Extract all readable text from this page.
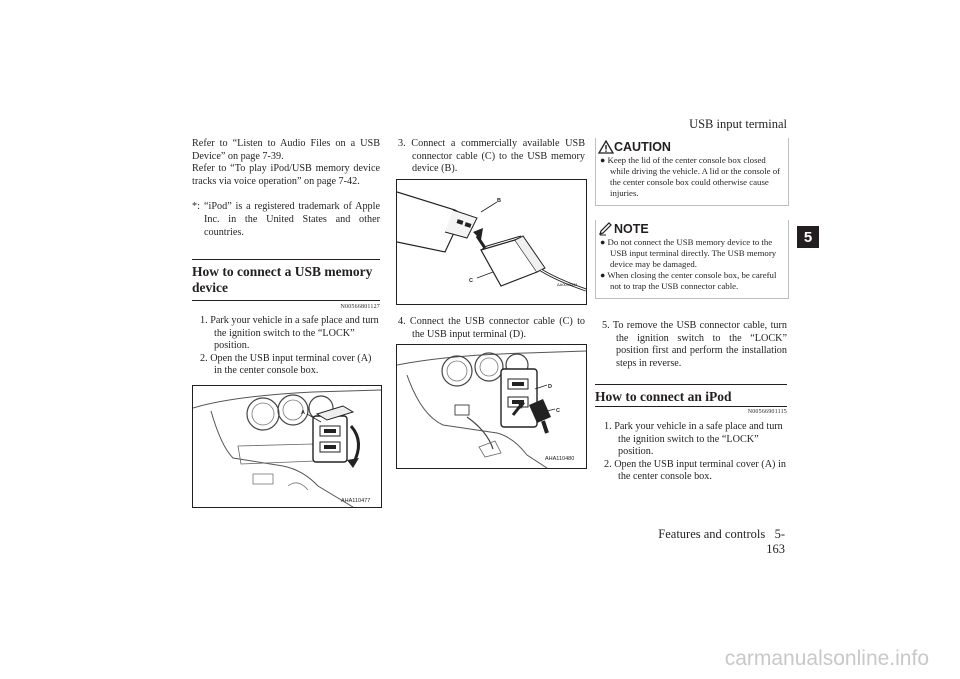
USB input terminal
Features and controls 5-163
5

Refer to “Listen to Audio Files on a USB Device” on page 7-39.

Refer to “To play iPod/USB memory device tracks via voice operation” on page 7-42.

*: “iPod” is a registered trademark of Apple Inc. in the United States and other countries.
How to connect a USB memory device
N00566801127

1. Park your vehicle in a safe place and turn the ignition switch to the “LOCK” position.

2. Open the USB input terminal cover (A) in the center console box.

A
AHA110477

3. Connect a commercially available USB connector cable (C) to the USB memory device (B).

B
C
AA0099451

4. Connect the USB connector cable (C) to the USB input terminal (D).

D
C
AHA110480
CAUTION

● Keep the lid of the center console box closed while driving the vehicle. A lid or the console of the center console box could otherwise cause injuries.

NOTE

● Do not connect the USB memory device to the USB input terminal directly. The USB memory device may be damaged.

● When closing the center console box, be careful not to trap the USB connector cable.

5. To remove the USB connector cable, turn the ignition switch to the “LOCK” position first and perform the installation steps in reverse.

How to connect an iPod
N00566901115

1. Park your vehicle in a safe place and turn the ignition switch to the “LOCK” position.

2. Open the USB input terminal cover (A) in the center console box.

carmanualsonline.info
